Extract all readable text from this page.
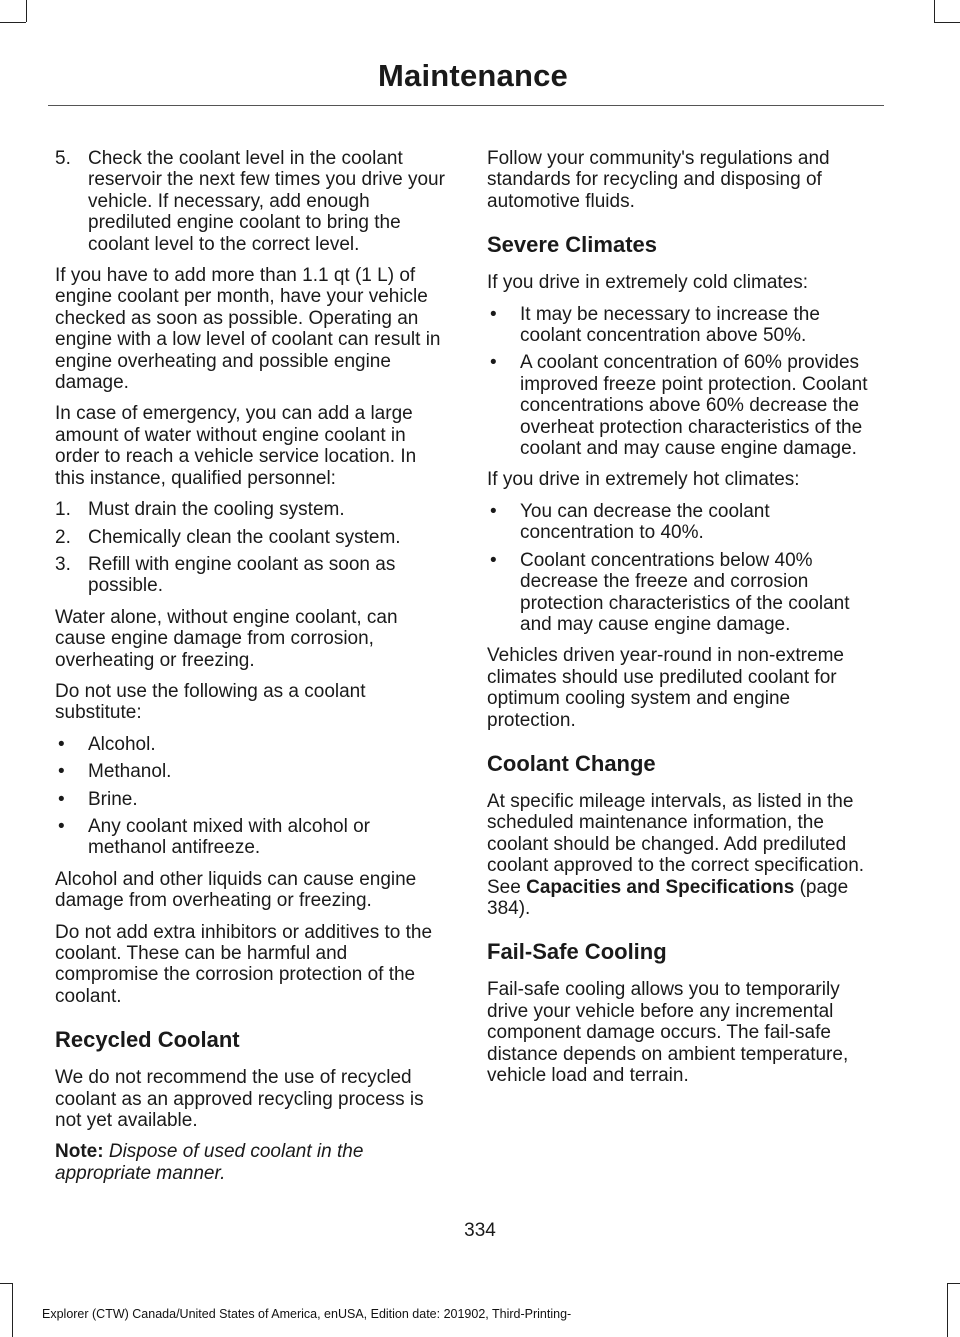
Maintenance
5. Check the coolant level in the coolant reservoir the next few times you drive your vehicle. If necessary, add enough prediluted engine coolant to bring the coolant level to the correct level.

If you have to add more than 1.1 qt (1 L) of engine coolant per month, have your vehicle checked as soon as possible. Operating an engine with a low level of coolant can result in engine overheating and possible engine damage.

In case of emergency, you can add a large amount of water without engine coolant in order to reach a vehicle service location. In this instance, qualified personnel:

1. Must drain the cooling system.
2. Chemically clean the coolant system.
3. Refill with engine coolant as soon as possible.

Water alone, without engine coolant, can cause engine damage from corrosion, overheating or freezing.

Do not use the following as a coolant substitute:

• Alcohol.
• Methanol.
• Brine.
• Any coolant mixed with alcohol or methanol antifreeze.

Alcohol and other liquids can cause engine damage from overheating or freezing.

Do not add extra inhibitors or additives to the coolant. These can be harmful and compromise the corrosion protection of the coolant.

Recycled Coolant

We do not recommend the use of recycled coolant as an approved recycling process is not yet available.

Note: Dispose of used coolant in the appropriate manner.

Follow your community's regulations and standards for recycling and disposing of automotive fluids.

Severe Climates

If you drive in extremely cold climates:

• It may be necessary to increase the coolant concentration above 50%.
• A coolant concentration of 60% provides improved freeze point protection. Coolant concentrations above 60% decrease the overheat protection characteristics of the coolant and may cause engine damage.

If you drive in extremely hot climates:

• You can decrease the coolant concentration to 40%.
• Coolant concentrations below 40% decrease the freeze and corrosion protection characteristics of the coolant and may cause engine damage.

Vehicles driven year-round in non-extreme climates should use prediluted coolant for optimum cooling system and engine protection.

Coolant Change

At specific mileage intervals, as listed in the scheduled maintenance information, the coolant should be changed. Add prediluted coolant approved to the correct specification. See Capacities and Specifications (page 384).

Fail-Safe Cooling

Fail-safe cooling allows you to temporarily drive your vehicle before any incremental component damage occurs. The fail-safe distance depends on ambient temperature, vehicle load and terrain.

334
Explorer (CTW) Canada/United States of America, enUSA, Edition date: 201902, Third-Printing-
